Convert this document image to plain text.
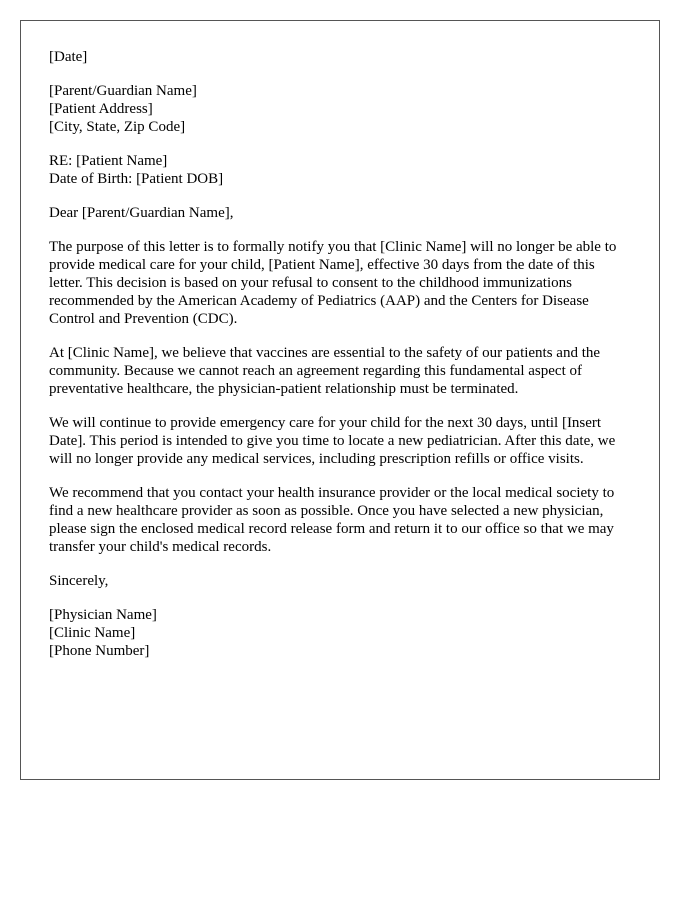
[Date]
[Parent/Guardian Name]
[Patient Address]
[City, State, Zip Code]
RE: [Patient Name]
Date of Birth: [Patient DOB]
Dear [Parent/Guardian Name],

The purpose of this letter is to formally notify you that [Clinic Name] will no longer be able to provide medical care for your child, [Patient Name], effective 30 days from the date of this letter. This decision is based on your refusal to consent to the childhood immunizations recommended by the American Academy of Pediatrics (AAP) and the Centers for Disease Control and Prevention (CDC).

At [Clinic Name], we believe that vaccines are essential to the safety of our patients and the community. Because we cannot reach an agreement regarding this fundamental aspect of preventative healthcare, the physician-patient relationship must be terminated.

We will continue to provide emergency care for your child for the next 30 days, until [Insert Date]. This period is intended to give you time to locate a new pediatrician. After this date, we will no longer provide any medical services, including prescription refills or office visits.

We recommend that you contact your health insurance provider or the local medical society to find a new healthcare provider as soon as possible. Once you have selected a new physician, please sign the enclosed medical record release form and return it to our office so that we may transfer your child's medical records.

Sincerely,
[Physician Name]
[Clinic Name]
[Phone Number]
